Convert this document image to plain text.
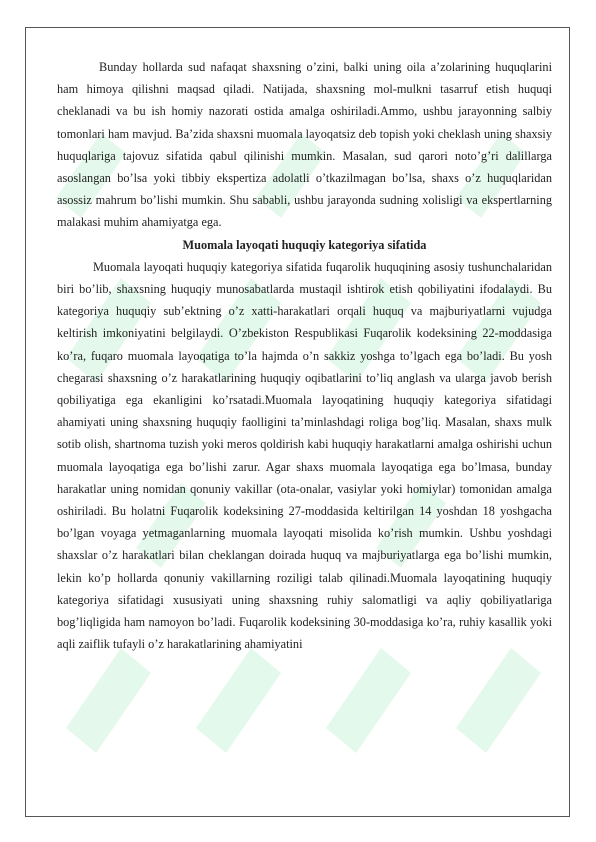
Bunday hollarda sud nafaqat shaxsning o’zini, balki uning oila a’zolarining huquqlarini ham himoya qilishni maqsad qiladi. Natijada, shaxsning mol-mulkni tasarruf etish huquqi cheklanadi va bu ish homiy nazorati ostida amalga oshiriladi.Ammo, ushbu jarayonning salbiy tomonlari ham mavjud. Ba’zida shaxsni muomala layoqatsiz deb topish yoki cheklash uning shaxsiy huquqlariga tajovuz sifatida qabul qilinishi mumkin. Masalan, sud qarori noto’g’ri dalillarga asoslangan bo’lsa yoki tibbiy ekspertiza adolatli o’tkazilmagan bo’lsa, shaxs o’z huquqlaridan asossiz mahrum bo’lishi mumkin. Shu sababli, ushbu jarayonda sudning xolisligi va ekspertlarning malakasi muhim ahamiyatga ega.

Muomala layoqati huquqiy kategoriya sifatida

Muomala layoqati huquqiy kategoriya sifatida fuqarolik huquqining asosiy tushunchalaridan biri bo’lib, shaxsning huquqiy munosabatlarda mustaqil ishtirok etish qobiliyatini ifodalaydi. Bu kategoriya huquqiy sub’ektning o’z xatti-harakatlari orqali huquq va majburiyatlarni vujudga keltirish imkoniyatini belgilaydi. O’zbekiston Respublikasi Fuqarolik kodeksining 22-moddasiga ko’ra, fuqaro muomala layoqatiga to’la hajmda o’n sakkiz yoshga to’lgach ega bo’ladi. Bu yosh chegarasi shaxsning o’z harakatlarining huquqiy oqibatlarini to’liq anglash va ularga javob berish qobiliyatiga ega ekanligini ko’rsatadi.Muomala layoqatining huquqiy kategoriya sifatidagi ahamiyati uning shaxsning huquqiy faolligini ta’minlashdagi roliga bog’liq. Masalan, shaxs mulk sotib olish, shartnoma tuzish yoki meros qoldirish kabi huquqiy harakatlarni amalga oshirishi uchun muomala layoqatiga ega bo’lishi zarur. Agar shaxs muomala layoqatiga ega bo’lmasa, bunday harakatlar uning nomidan qonuniy vakillar (ota-onalar, vasiylar yoki homiylar) tomonidan amalga oshiriladi. Bu holatni Fuqarolik kodeksining 27-moddasida keltirilgan 14 yoshdan 18 yoshgacha bo’lgan voyaga yetmaganlarning muomala layoqati misolida ko’rish mumkin. Ushbu yoshdagi shaxslar o’z harakatlari bilan cheklangan doirada huquq va majburiyatlarga ega bo’lishi mumkin, lekin ko’p hollarda qonuniy vakillarning roziligi talab qilinadi.Muomala layoqatining huquqiy kategoriya sifatidagi xususiyati uning shaxsning ruhiy salomatligi va aqliy qobiliyatlariga bog’liqligida ham namoyon bo’ladi. Fuqarolik kodeksining 30-moddasiga ko’ra, ruhiy kasallik yoki aqli zaiflik tufayli o’z harakatlarining ahamiyatini
